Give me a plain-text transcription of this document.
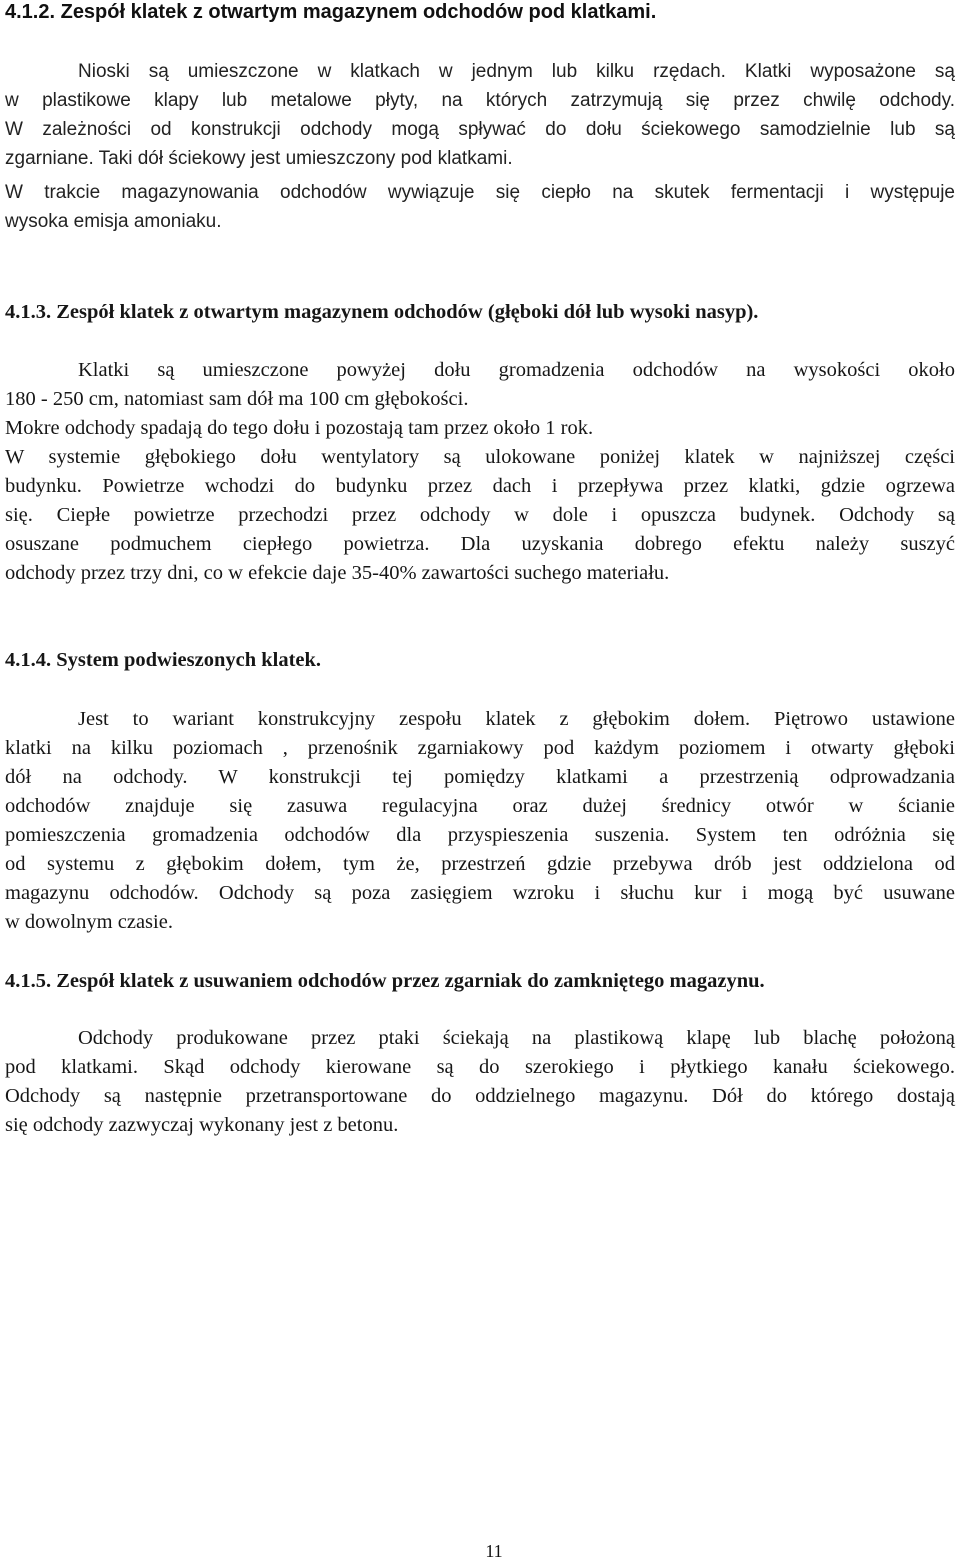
4.1.2. Zespół klatek z otwartym magazynem odchodów pod klatkami.
Nioski są umieszczone w klatkach w jednym lub kilku rzędach. Klatki wyposażone są
w plastikowe klapy lub metalowe płyty, na których zatrzymują się przez chwilę odchody.
W zależności od konstrukcji odchody mogą spływać do dołu ściekowego samodzielnie lub są
zgarniane. Taki dół ściekowy jest umieszczony pod klatkami.
W trakcie magazynowania odchodów wywiązuje się ciepło na skutek fermentacji i występuje
wysoka emisja amoniaku.
4.1.3. Zespół klatek z otwartym magazynem odchodów (głęboki dół lub wysoki nasyp).
Klatki są umieszczone powyżej dołu gromadzenia odchodów na wysokości około
180 - 250 cm, natomiast sam dół ma 100 cm głębokości.
Mokre odchody spadają do tego dołu i pozostają tam przez około 1 rok.
W systemie głębokiego dołu wentylatory są ulokowane poniżej klatek w najniższej części
budynku. Powietrze wchodzi do budynku przez dach i przepływa przez klatki, gdzie ogrzewa
się. Ciepłe powietrze przechodzi przez odchody w dole i opuszcza budynek. Odchody są
osuszane podmuchem ciepłego powietrza. Dla uzyskania dobrego efektu należy suszyć
odchody przez trzy dni, co w efekcie daje 35-40% zawartości suchego materiału.
4.1.4. System podwieszonych klatek.
Jest to wariant konstrukcyjny zespołu klatek z głębokim dołem. Piętrowo ustawione
klatki na kilku poziomach , przenośnik zgarniakowy pod każdym poziomem i otwarty głęboki
dół na odchody. W konstrukcji tej pomiędzy klatkami a przestrzenią odprowadzania
odchodów znajduje się zasuwa regulacyjna oraz dużej średnicy otwór w ścianie
pomieszczenia gromadzenia odchodów dla przyspieszenia suszenia. System ten odróżnia się
od systemu z głębokim dołem, tym że, przestrzeń gdzie przebywa drób jest oddzielona od
magazynu odchodów. Odchody są poza zasięgiem wzroku i słuchu kur i mogą być usuwane
w dowolnym czasie.
4.1.5. Zespół klatek z usuwaniem odchodów przez zgarniak do zamkniętego magazynu.
Odchody produkowane przez ptaki ściekają na plastikową klapę lub blachę położoną
pod klatkami. Skąd odchody kierowane są do szerokiego i płytkiego kanału ściekowego.
Odchody są następnie przetransportowane do oddzielnego magazynu. Dół do którego dostają
się odchody zazwyczaj wykonany jest z betonu.
11
